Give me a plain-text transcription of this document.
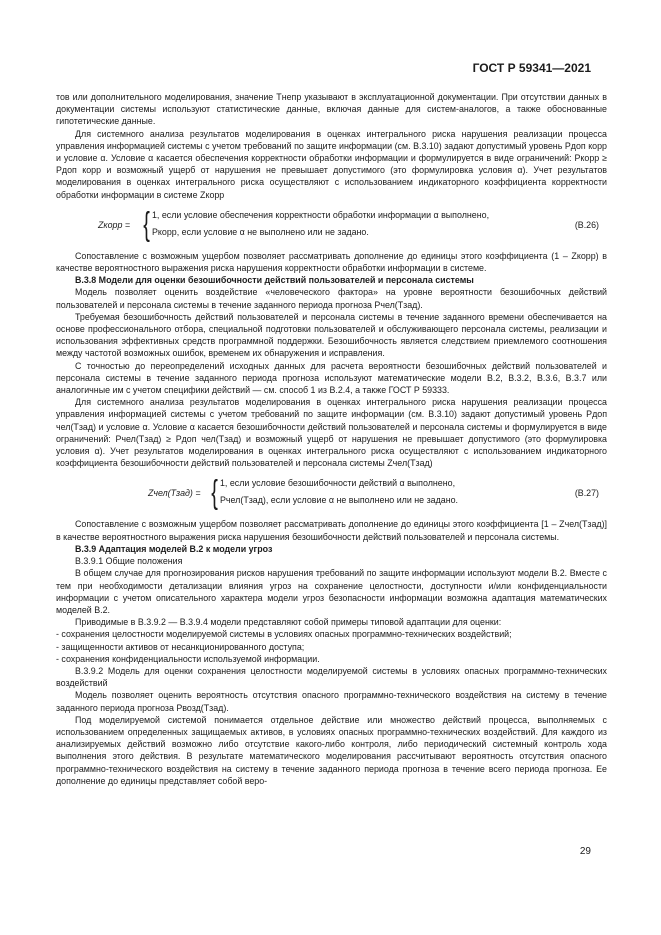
ГОСТ Р 59341—2021

тов или дополнительного моделирования, значение Tнепр указывают в эксплуатационной документации. При отсутствии данных в документации системы используют статистические данные, включая данные для систем-аналогов, а также обоснованные гипотетические данные.

Для системного анализа результатов моделирования в оценках интегрального риска нарушения реализации процесса управления информацией системы с учетом требований по защите информации (см. В.3.10) задают допустимый уровень Pдоп корр и условие α. Условие α касается обеспечения корректности обработки информации и формулируется в виде ограничений: Pкорр ≥ Pдоп корр и возможный ущерб от нарушения не превышает допустимого (это формулировка условия α). Учет результатов моделирования в оценках интегрального риска осуществляют с использованием индикаторного коэффициента корректности обработки информации в системе Zкорр

Zкорр = { 1, если условие обеспечения корректности обработки информации α выполнено,
Pкорр, если условие α не выполнено или не задано.
(В.26)

Сопоставление с возможным ущербом позволяет рассматривать дополнение до единицы этого коэффициента (1 – Zкорр) в качестве вероятностного выражения риска нарушения корректности обработки информации в системе.

В.3.8 Модели для оценки безошибочности действий пользователей и персонала системы

Модель позволяет оценить воздействие «человеческого фактора» на уровне вероятности безошибочных действий пользователей и персонала системы в течение заданного периода прогноза Pчел(Tзад).

Требуемая безошибочность действий пользователей и персонала системы в течение заданного времени обеспечивается на основе профессионального отбора, специальной подготовки пользователей и обслуживающего персонала системы, реализации и использования эффективных средств программной поддержки. Безошибочность является следствием приемлемого соотношения между частотой возможных ошибок, временем их обнаружения и исправления.

С точностью до переопределений исходных данных для расчета вероятности безошибочных действий пользователей и персонала системы в течение заданного периода прогноза используют математические модели В.2, В.3.2, В.3.6, В.3.7 или аналогичные им с учетом специфики действий — см. способ 1 из В.2.4, а также ГОСТ Р 59333.

Для системного анализа результатов моделирования в оценках интегрального риска нарушения реализации процесса управления информацией системы с учетом требований по защите информации (см. В.3.10) задают допустимый уровень Pдоп чел(Tзад) и условие α. Условие α касается безошибочности действий пользователей и персонала системы и формулируется в виде ограничений: Pчел(Tзад) ≥ Pдоп чел(Tзад) и возможный ущерб от нарушения не превышает допустимого (это формулировка условия α). Учет результатов моделирования в оценках интегрального риска осуществляют с использованием индикаторного коэффициента безошибочности действий пользователей и персонала системы Zчел(Tзад)

Zчел(Tзад) = { 1, если условие безошибочности действий α выполнено,
Pчел(Tзад), если условие α не выполнено или не задано.
(В.27)

Сопоставление с возможным ущербом позволяет рассматривать дополнение до единицы этого коэффициента [1 – Zчел(Tзад)] в качестве вероятностного выражения риска нарушения безошибочности действий пользователей и персонала системы.

В.3.9 Адаптация моделей В.2 к модели угроз

В.3.9.1 Общие положения

В общем случае для прогнозирования рисков нарушения требований по защите информации используют модели В.2. Вместе с тем при необходимости детализации влияния угроз на сохранение целостности, доступности и/или конфиденциальности информации с учетом описательного характера модели угроз безопасности информации возможна адаптация математических моделей В.2.

Приводимые в В.3.9.2 — В.3.9.4 модели представляют собой примеры типовой адаптации для оценки:

- сохранения целостности моделируемой системы в условиях опасных программно-технических воздействий;

- защищенности активов от несанкционированного доступа;

- сохранения конфиденциальности используемой информации.

В.3.9.2 Модель для оценки сохранения целостности моделируемой системы в условиях опасных программно-технических воздействий

Модель позволяет оценить вероятность отсутствия опасного программно-технического воздействия на систему в течение заданного периода прогноза Pвозд(Tзад).

Под моделируемой системой понимается отдельное действие или множество действий процесса, выполняемых с использованием определенных защищаемых активов, в условиях опасных программно-технических воздействий. Для каждого из анализируемых действий возможно либо отсутствие какого-либо контроля, либо периодический системный контроль хода выполнения этого действия. В результате математического моделирования рассчитывают вероятность отсутствия опасного программно-технического воздействия на систему в течение заданного периода прогноза в течение всего периода прогноза. Ее дополнение до единицы представляет собой веро-

29
